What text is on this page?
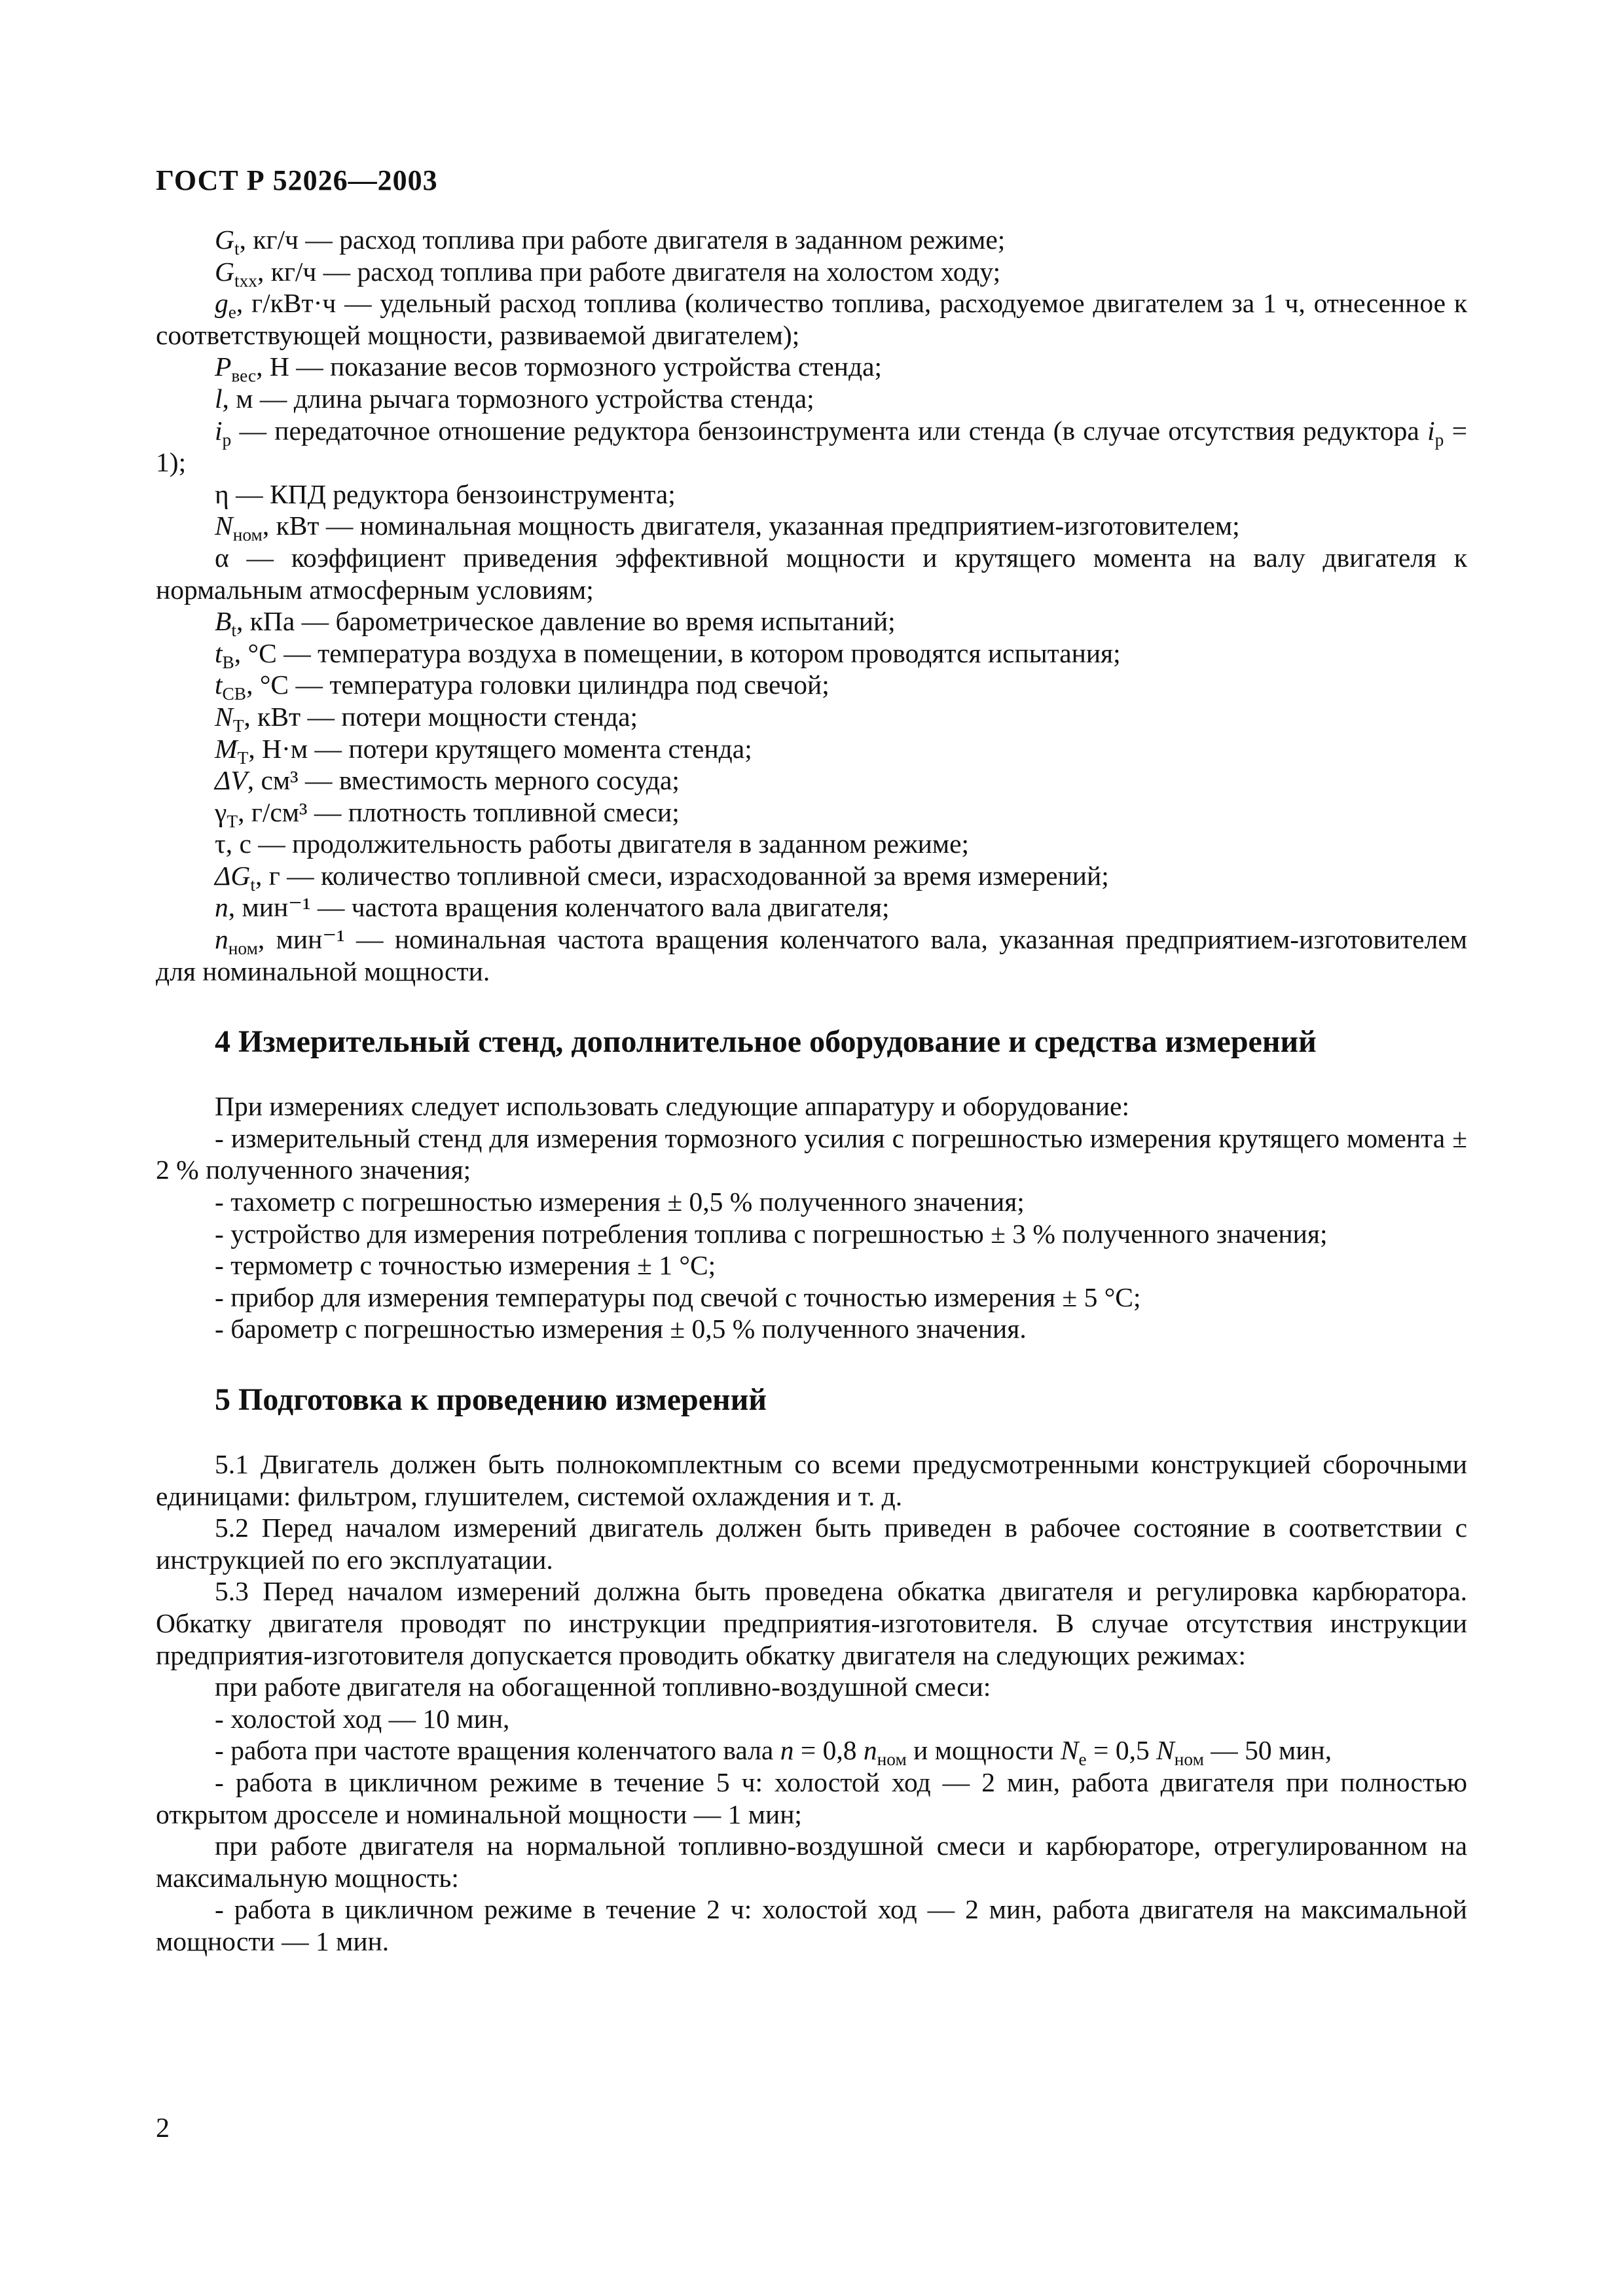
ГОСТ Р 52026—2003

$G_t$, кг/ч — расход топлива при работе двигателя в заданном режиме;

$G_{txx}$, кг/ч — расход топлива при работе двигателя на холостом ходу;

$g_e$, г/кВт·ч — удельный расход топлива (количество топлива, расходуемое двигателем за 1 ч, отнесенное к соответствующей мощности, развиваемой двигателем);

$P_{вес}$, Н — показание весов тормозного устройства стенда;

l, м — длина рычага тормозного устройства стенда;

$i_р$ — передаточное отношение редуктора бензоинструмента или стенда (в случае отсутствия редуктора $i_р = 1$);

η — КПД редуктора бензоинструмента;

$N_{ном}$, кВт — номинальная мощность двигателя, указанная предприятием-изготовителем;

α — коэффициент приведения эффективной мощности и крутящего момента на валу двигателя к нормальным атмосферным условиям;

$B_t$, кПа — барометрическое давление во время испытаний;

$t_В$, °С — температура воздуха в помещении, в котором проводятся испытания;

$t_{СВ}$, °С — температура головки цилиндра под свечой;

$N_Т$, кВт — потери мощности стенда;

$M_Т$, Н·м — потери крутящего момента стенда;

ΔV, см³ — вместимость мерного сосуда;

$\gamma_Т$, г/см³ — плотность топливной смеси;

τ, с — продолжительность работы двигателя в заданном режиме;

$\Delta G_t$, г — количество топливной смеси, израсходованной за время измерений;

n, мин⁻¹ — частота вращения коленчатого вала двигателя;

$n_{ном}$, мин⁻¹ — номинальная частота вращения коленчатого вала, указанная предприятием-изготовителем для номинальной мощности.

4 Измерительный стенд, дополнительное оборудование и средства измерений

При измерениях следует использовать следующие аппаратуру и оборудование:

- измерительный стенд для измерения тормозного усилия с погрешностью измерения крутящего момента ± 2 % полученного значения;

- тахометр с погрешностью измерения ± 0,5 % полученного значения;

- устройство для измерения потребления топлива с погрешностью ± 3 % полученного значения;

- термометр с точностью измерения ± 1 °С;

- прибор для измерения температуры под свечой с точностью измерения ± 5 °С;

- барометр с погрешностью измерения ± 0,5 % полученного значения.

5 Подготовка к проведению измерений

5.1 Двигатель должен быть полнокомплектным со всеми предусмотренными конструкцией сборочными единицами: фильтром, глушителем, системой охлаждения и т. д.

5.2 Перед началом измерений двигатель должен быть приведен в рабочее состояние в соответствии с инструкцией по его эксплуатации.

5.3 Перед началом измерений должна быть проведена обкатка двигателя и регулировка карбюратора. Обкатку двигателя проводят по инструкции предприятия-изготовителя. В случае отсутствия инструкции предприятия-изготовителя допускается проводить обкатку двигателя на следующих режимах:

при работе двигателя на обогащенной топливно-воздушной смеси:

- холостой ход — 10 мин,

- работа при частоте вращения коленчатого вала n = 0,8 $n_{ном}$ и мощности $N_e = 0,5$ $N_{ном}$ — 50 мин,

- работа в цикличном режиме в течение 5 ч: холостой ход — 2 мин, работа двигателя при полностью открытом дросселе и номинальной мощности — 1 мин;

при работе двигателя на нормальной топливно-воздушной смеси и карбюраторе, отрегулированном на максимальную мощность:

- работа в цикличном режиме в течение 2 ч: холостой ход — 2 мин, работа двигателя на максимальной мощности — 1 мин.

2
